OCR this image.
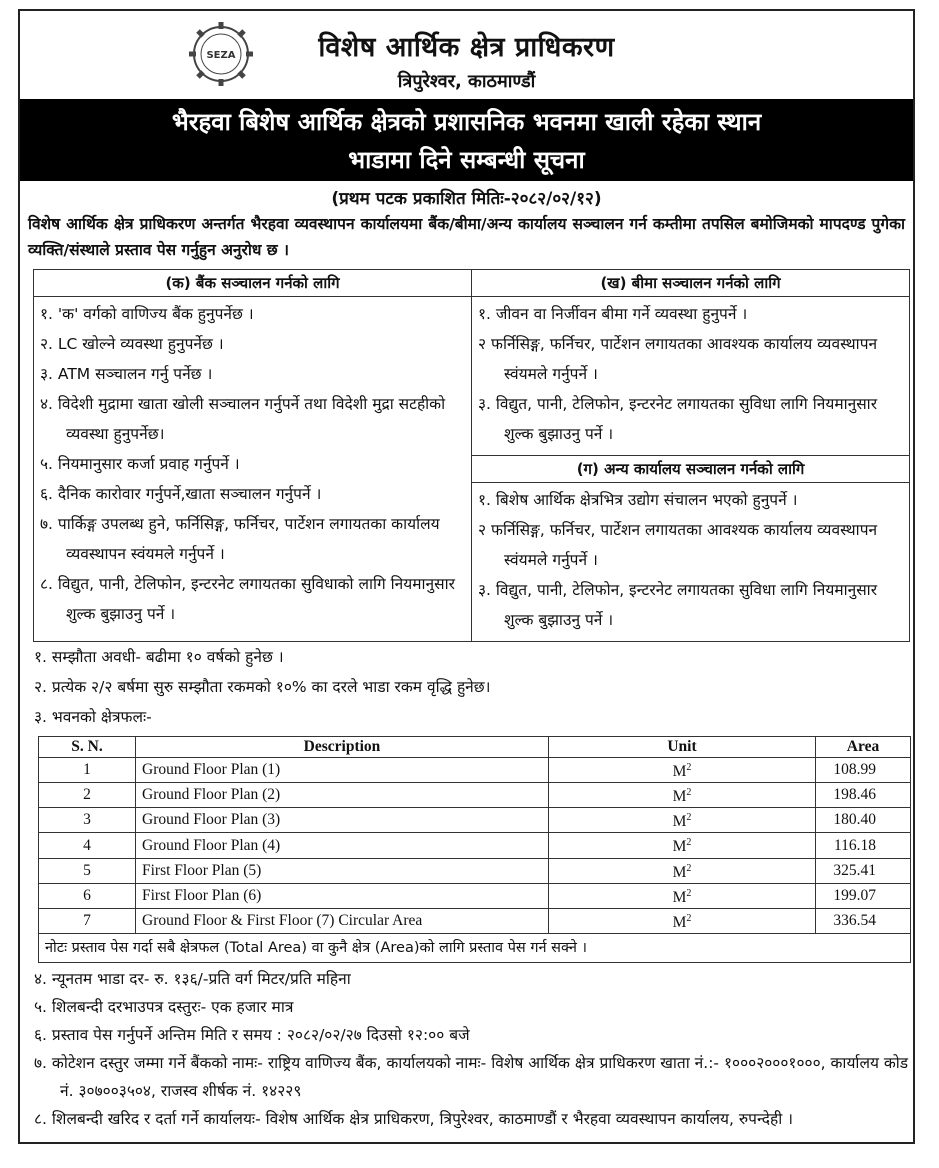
SEZA	विशेष आर्थिक क्षेत्र प्राधिकरण
त्रिपुरेश्वर, काठमाण्डौं
भैरहवा बिशेष आर्थिक क्षेत्रको प्रशासनिक भवनमा खाली रहेका स्थान
भाडामा दिने सम्बन्धी सूचना
(प्रथम पटक प्रकाशित मितिः-२०८२/०२/१२)
विशेष आर्थिक क्षेत्र प्राधिकरण अन्तर्गत भैरहवा व्यवस्थापन कार्यालयमा बैंक/बीमा/अन्य कार्यालय सञ्चालन गर्न कम्तीमा तपसिल बमोजिमको मापदण्ड पुगेका व्यक्ति/संस्थाले प्रस्ताव पेस गर्नुहुन अनुरोध छ ।
(क) बैंक सञ्चालन गर्नको लागि
१. 'क' वर्गको वाणिज्य बैंक हुनुपर्नेछ ।
२. LC खोल्ने व्यवस्था हुनुपर्नेछ ।
३. ATM सञ्चालन गर्नु पर्नेछ ।
४. विदेशी मुद्रामा खाता खोली सञ्चालन गर्नुपर्ने तथा विदेशी मुद्रा सटहीको व्यवस्था हुनुपर्नेछ।
५. नियमानुसार कर्जा प्रवाह गर्नुपर्ने ।
६. दैनिक कारोवार गर्नुपर्ने,खाता सञ्चालन गर्नुपर्ने ।
७. पार्किङ्ग उपलब्ध हुने, फर्निसिङ्ग, फर्निचर, पार्टेशन लगायतका कार्यालय व्यवस्थापन स्वंयमले गर्नुपर्ने ।
८. विद्युत, पानी, टेलिफोन, इन्टरनेट लगायतका सुविधाको लागि नियमानुसार शुल्क बुझाउनु पर्ने ।
(ख) बीमा सञ्चालन गर्नको लागि
१. जीवन वा निर्जीवन बीमा गर्ने व्यवस्था हुनुपर्ने ।
२ फर्निसिङ्ग, फर्निचर, पार्टेशन लगायतका आवश्यक कार्यालय व्यवस्थापन स्वंयमले गर्नुपर्ने ।
३. विद्युत, पानी, टेलिफोन, इन्टरनेट लगायतका सुविधा लागि नियमानुसार शुल्क बुझाउनु पर्ने ।
(ग) अन्य कार्यालय सञ्चालन गर्नको लागि
१. बिशेष आर्थिक क्षेत्रभित्र उद्योग संचालन भएको हुनुपर्ने ।
२ फर्निसिङ्ग, फर्निचर, पार्टेशन लगायतका आवश्यक कार्यालय व्यवस्थापन स्वंयमले गर्नुपर्ने ।
३. विद्युत, पानी, टेलिफोन, इन्टरनेट लगायतका सुविधा लागि नियमानुसार शुल्क बुझाउनु पर्ने ।
१. सम्झौता अवधी- बढीमा १० वर्षको हुनेछ ।
२. प्रत्येक २/२ बर्षमा सुरु सम्झौता रकमको १०% का दरले भाडा रकम वृद्धि हुनेछ।
३. भवनको क्षेत्रफलः-
S. N.	Description	Unit	Area
1	Ground Floor Plan (1)	$M^2$	108.99
2	Ground Floor Plan (2)	$M^2$	198.46
3	Ground Floor Plan (3)	$M^2$	180.40
4	Ground Floor Plan (4)	$M^2$	116.18
5	First Floor Plan (5)	$M^2$	325.41
6	First Floor Plan (6)	$M^2$	199.07
7	Ground Floor & First Floor (7) Circular Area	$M^2$	336.54
नोटः प्रस्ताव पेस गर्दा सबै क्षेत्रफल (Total Area) वा कुनै क्षेत्र (Area)को लागि प्रस्ताव पेस गर्न सक्ने ।			
४. न्यूनतम भाडा दर- रु. १३६/-प्रति वर्ग मिटर/प्रति महिना
५. शिलबन्दी दरभाउपत्र दस्तुरः- एक हजार मात्र
६. प्रस्ताव पेस गर्नुपर्ने अन्तिम मिति र समय : २०८२/०२/२७ दिउसो १२:०० बजे
७. कोटेशन दस्तुर जम्मा गर्ने बैंकको नामः- राष्ट्रिय वाणिज्य बैंक, कार्यालयको नामः- विशेष आर्थिक क्षेत्र प्राधिकरण खाता नं.:- १०००२०००१०००, कार्यालय कोड नं. ३०७००३५०४, राजस्व शीर्षक नं. १४२२९
८. शिलबन्दी खरिद र दर्ता गर्ने कार्यालयः- विशेष आर्थिक क्षेत्र प्राधिकरण, त्रिपुरेश्वर, काठमाण्डौं र भैरहवा व्यवस्थापन कार्यालय, रुपन्देही ।
